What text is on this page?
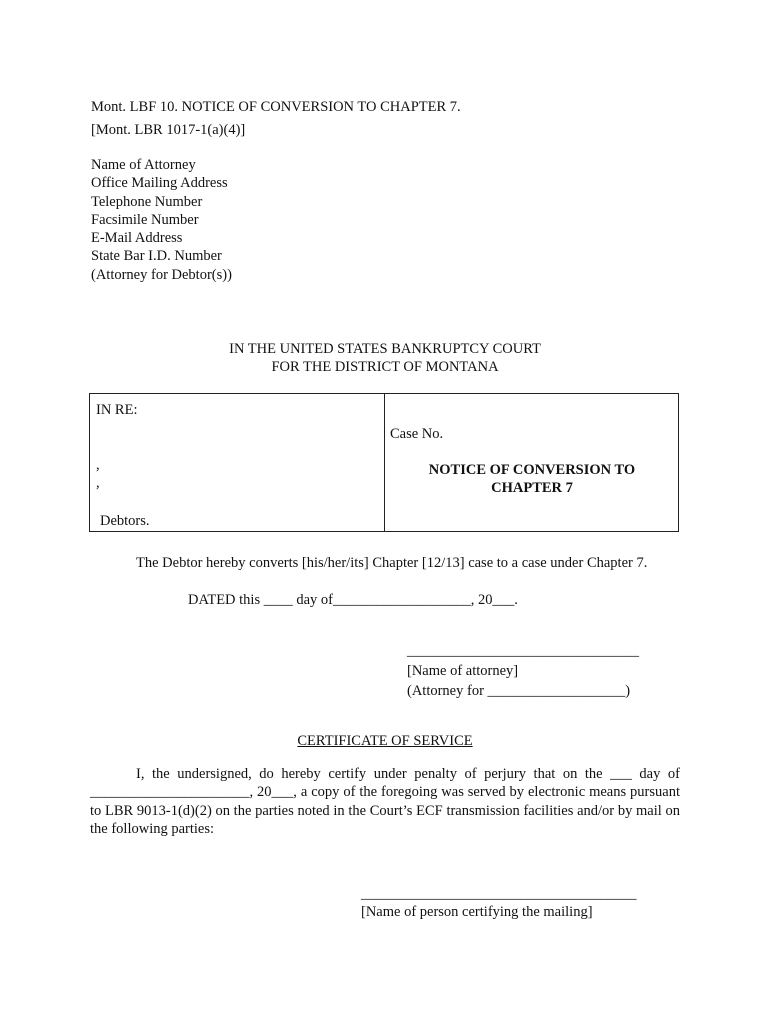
Mont. LBF 10. NOTICE OF CONVERSION TO CHAPTER 7.
[Mont. LBR 1017-1(a)(4)]
Name of Attorney
Office Mailing Address
Telephone Number
Facsimile Number
E-Mail Address
State Bar I.D. Number
(Attorney for Debtor(s))
IN THE UNITED STATES BANKRUPTCY COURT
FOR THE DISTRICT OF MONTANA
IN RE:
,
,
Debtors.
Case No.
NOTICE OF CONVERSION TO
CHAPTER 7
The Debtor hereby converts [his/her/its] Chapter [12/13] case to a case under Chapter 7.
DATED this ____ day of___________________, 20___.
________________________________
[Name of attorney]
(Attorney for ___________________)
CERTIFICATE OF SERVICE
I, the undersigned, do hereby certify under penalty of perjury that on the ___ day of ______________________, 20___, a copy of the foregoing was served by electronic means pursuant to LBR 9013-1(d)(2) on the parties noted in the Court’s ECF transmission facilities and/or by mail on the following parties:
______________________________________
[Name of person certifying the mailing]
